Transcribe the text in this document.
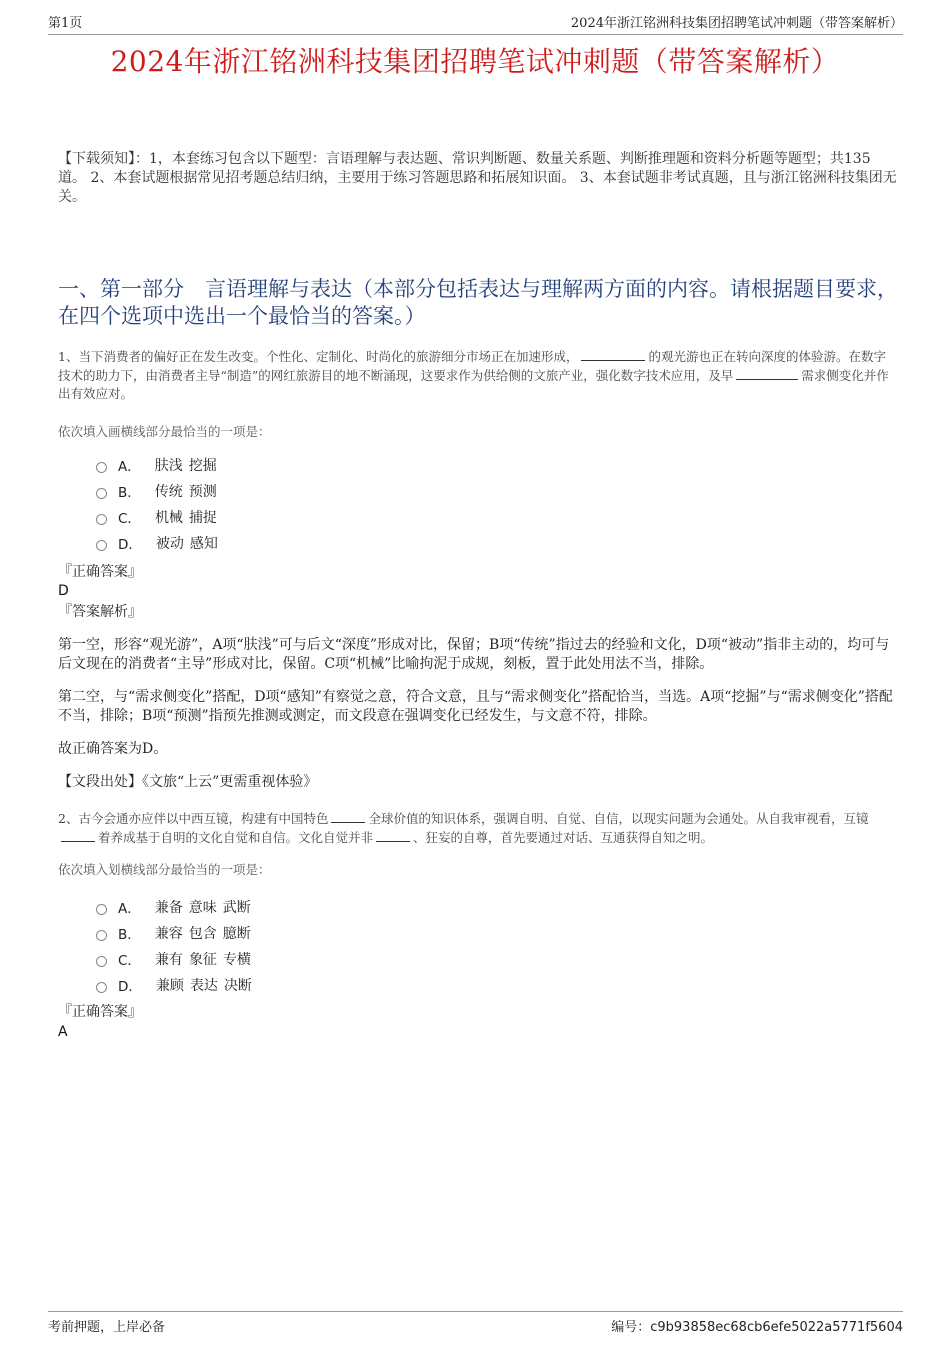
第1页	2024年浙江铭洲科技集团招聘笔试冲刺题（带答案解析）
2024年浙江铭洲科技集团招聘笔试冲刺题（带答案解析）
【下载须知】：1，本套练习包含以下题型：言语理解与表达题、常识判断题、数量关系题、判断推理题和资料分析题等题型；共135道。 2、本套试题根据常见招考题总结归纳，主要用于练习答题思路和拓展知识面。 3、本套试题非考试真题，且与浙江铭洲科技集团无关。
一、第一部分　言语理解与表达（本部分包括表达与理解两方面的内容。请根据题目要求，在四个选项中选出一个最恰当的答案。）
1、当下消费者的偏好正在发生改变。个性化、定制化、时尚化的旅游细分市场正在加速形成，	的观光游也正在转向深度的体验游。在数字技术的助力下，由消费者主导“制造”的网红旅游目的地不断涌现，这要求作为供给侧的文旅产业，强化数字技术应用，及早	需求侧变化并作出有效应对。
依次填入画横线部分最恰当的一项是：
A． 肤浅 挖掘
B． 传统 预测
C． 机械 捕捉
D． 被动 感知
『正确答案』
D
『答案解析』
第一空，形容“观光游”，A项“肤浅”可与后文“深度”形成对比，保留；B项“传统”指过去的经验和文化，D项“被动”指非主动的，均可与后文现在的消费者“主导”形成对比，保留。C项“机械”比喻拘泥于成规，刻板，置于此处用法不当，排除。
第二空，与“需求侧变化”搭配，D项“感知”有察觉之意，符合文意，且与“需求侧变化”搭配恰当，当选。A项“挖掘”与“需求侧变化”搭配不当，排除；B项“预测”指预先推测或测定，而文段意在强调变化已经发生，与文意不符，排除。
故正确答案为D。
【文段出处】《文旅“上云”更需重视体验》
2、古今会通亦应伴以中西互镜，构建有中国特色	全球价值的知识体系，强调自明、自觉、自信，以现实问题为会通处。从自我审视看，互镜着养成基于自明的文化自觉和自信。文化自觉并非	、狂妄的自尊，首先要通过对话、互通获得自知之明。
依次填入划横线部分最恰当的一项是：
A． 兼备 意味 武断
B． 兼容 包含 臆断
C． 兼有 象征 专横
D． 兼顾 表达 决断
『正确答案』
A
考前押题，上岸必备	编号：c9b93858ec68cb6efe5022a5771f5604
